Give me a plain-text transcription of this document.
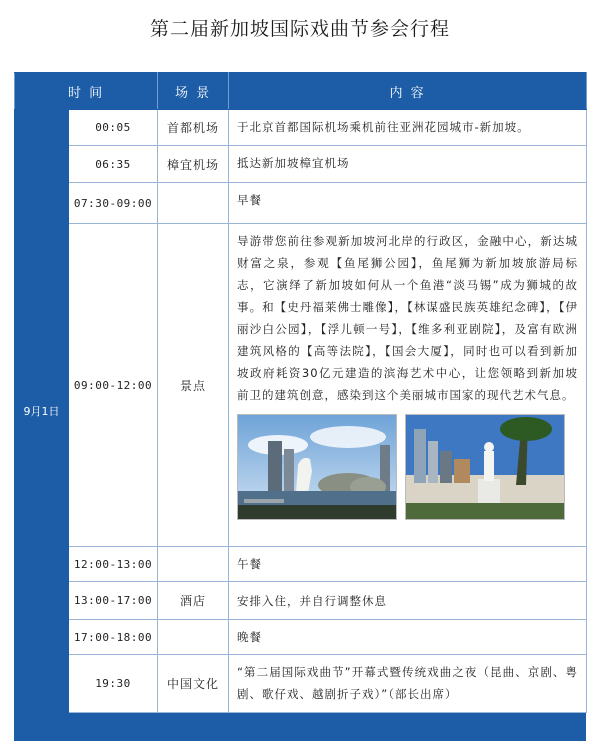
第二届新加坡国际戏曲节参会行程
时 间		场 景	内 容
9月1日	00:05	首都机场	于北京首都国际机场乘机前往亚洲花园城市-新加坡。
	06:35	樟宜机场	抵达新加坡樟宜机场
	07:30-09:00		早餐
	09:00-12:00	景点	导游带您前往参观新加坡河北岸的行政区，金融中心，新达城财富之泉，参观【鱼尾狮公园】，鱼尾狮为新加坡旅游局标志，它演绎了新加坡如何从一个鱼港“淡马锡”成为狮城的故事。和【史丹福莱佛士雕像】，【林谋盛民族英雄纪念碑】，【伊丽沙白公园】，【浮儿顿一号】，【维多利亚剧院】，及富有欧洲建筑风格的【高等法院】，【国会大厦】，同时也可以看到新加坡政府耗资30亿元建造的滨海艺术中心，让您领略到新加坡前卫的建筑创意，感染到这个美丽城市国家的现代艺术气息。

	12:00-13:00		午餐
	13:00-17:00	酒店	安排入住，并自行调整休息
	17:00-18:00		晚餐
	19:30	中国文化	“第二届国际戏曲节”开幕式暨传统戏曲之夜（昆曲、京剧、粤剧、歌仔戏、越剧折子戏）”（部长出席）
